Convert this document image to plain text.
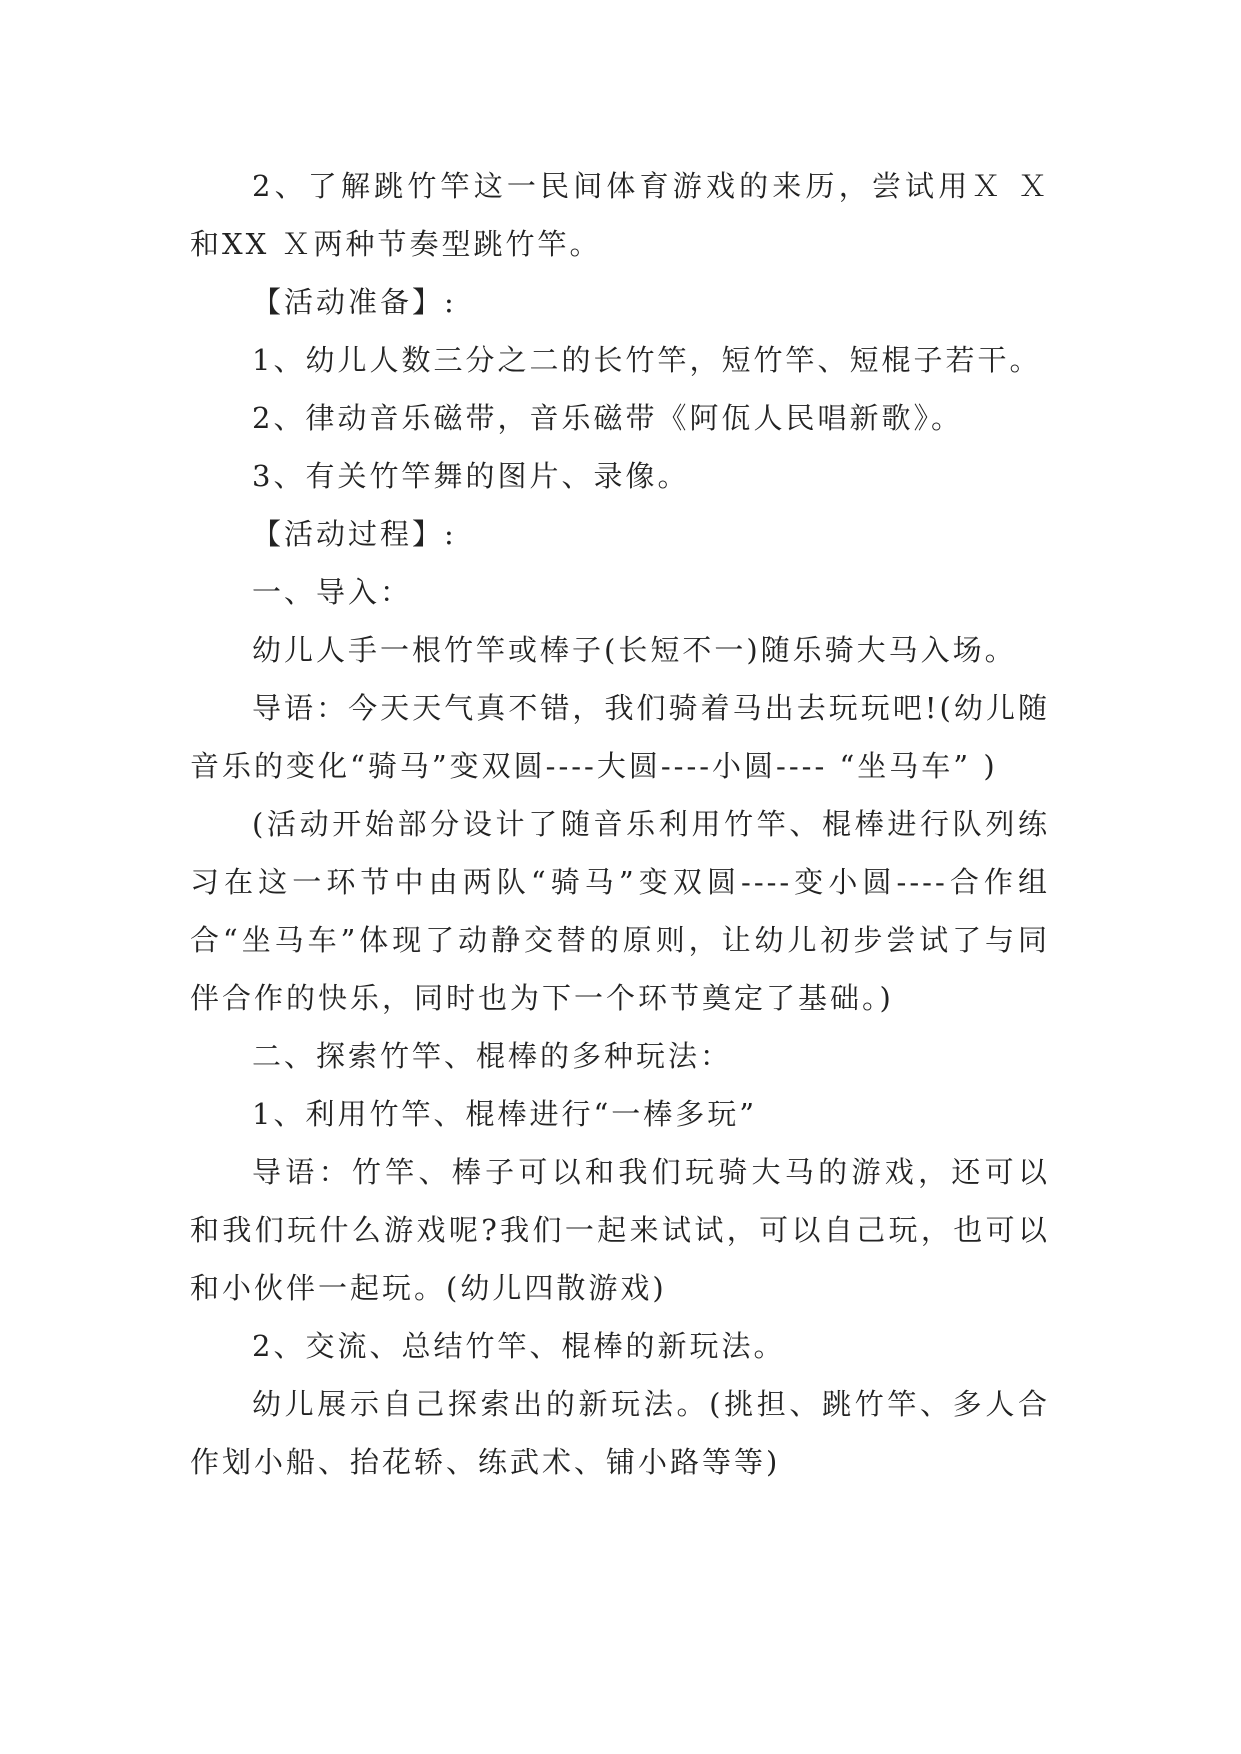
2、了解跳竹竿这一民间体育游戏的来历，尝试用Ｘ Ｘ 和XX Ｘ两种节奏型跳竹竿。

【活动准备】:

1、幼儿人数三分之二的长竹竿，短竹竿、短棍子若干。

2、律动音乐磁带，音乐磁带《阿佤人民唱新歌》。

3、有关竹竿舞的图片、录像。

【活动过程】:

一、导入：

幼儿人手一根竹竿或棒子(长短不一)随乐骑大马入场。

导语：今天天气真不错，我们骑着马出去玩玩吧!(幼儿随音乐的变化“骑马”变双圆----大圆----小圆---- “坐马车” )

(活动开始部分设计了随音乐利用竹竿、棍棒进行队列练习在这一环节中由两队“骑马”变双圆----变小圆----合作组合“坐马车”体现了动静交替的原则，让幼儿初步尝试了与同伴合作的快乐，同时也为下一个环节奠定了基础。)

二、探索竹竿、棍棒的多种玩法：

1、利用竹竿、棍棒进行“一棒多玩”

导语：竹竿、棒子可以和我们玩骑大马的游戏，还可以和我们玩什么游戏呢?我们一起来试试，可以自己玩，也可以和小伙伴一起玩。(幼儿四散游戏)

2、交流、总结竹竿、棍棒的新玩法。

幼儿展示自己探索出的新玩法。(挑担、跳竹竿、多人合作划小船、抬花轿、练武术、铺小路等等)
